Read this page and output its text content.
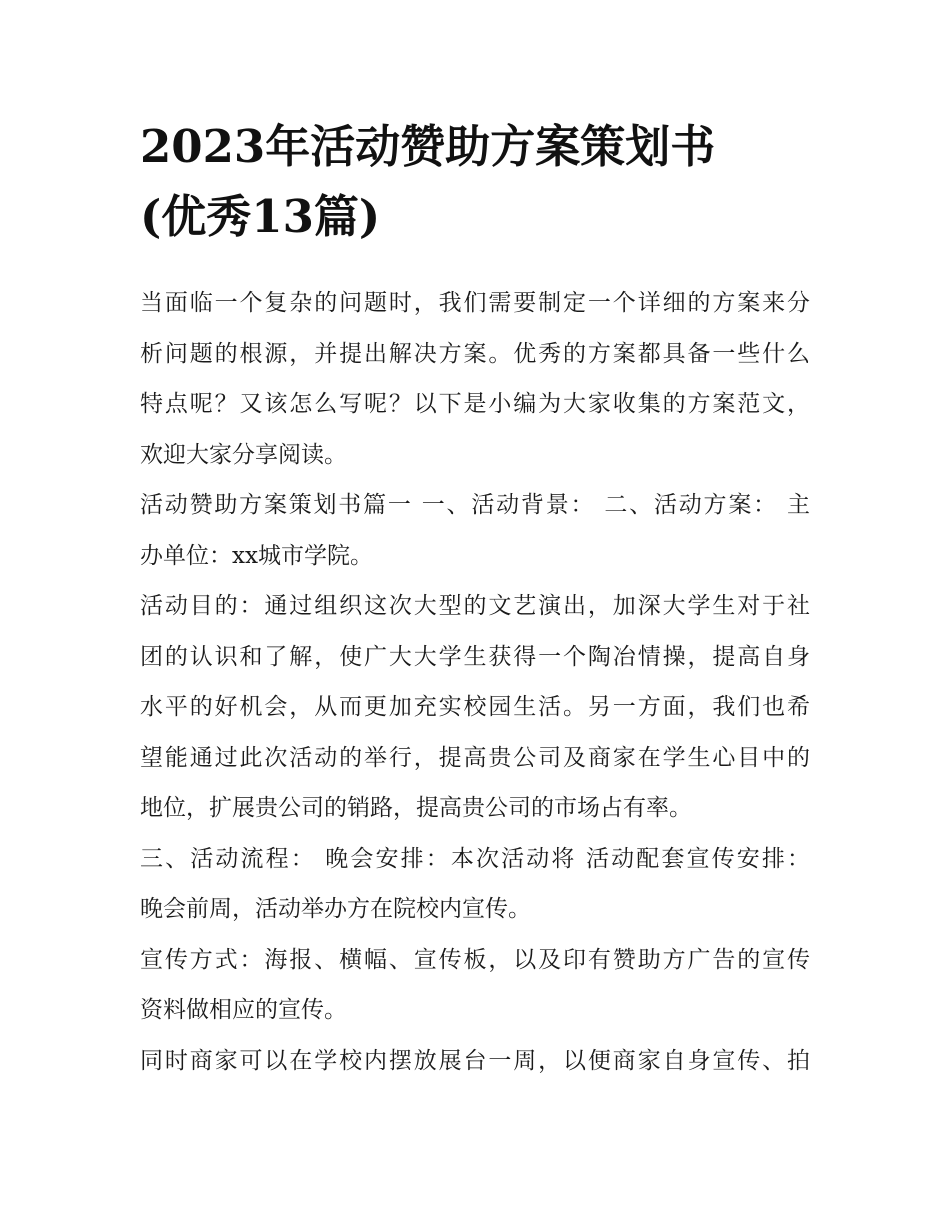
2023年活动赞助方案策划书
(优秀13篇)

当面临一个复杂的问题时，我们需要制定一个详细的方案来分
析问题的根源，并提出解决方案。优秀的方案都具备一些什么
特点呢？又该怎么写呢？以下是小编为大家收集的方案范文，
欢迎大家分享阅读。

活动赞助方案策划书篇一 一、活动背景： 二、活动方案： 主
办单位：xx城市学院。

活动目的：通过组织这次大型的文艺演出，加深大学生对于社
团的认识和了解，使广大大学生获得一个陶冶情操，提高自身
水平的好机会，从而更加充实校园生活。另一方面，我们也希
望能通过此次活动的举行，提高贵公司及商家在学生心目中的
地位，扩展贵公司的销路，提高贵公司的市场占有率。

三、活动流程： 晚会安排：本次活动将 活动配套宣传安排：
晚会前周，活动举办方在院校内宣传。

宣传方式：海报、横幅、宣传板，以及印有赞助方广告的宣传
资料做相应的宣传。

同时商家可以在学校内摆放展台一周，以便商家自身宣传、拍
